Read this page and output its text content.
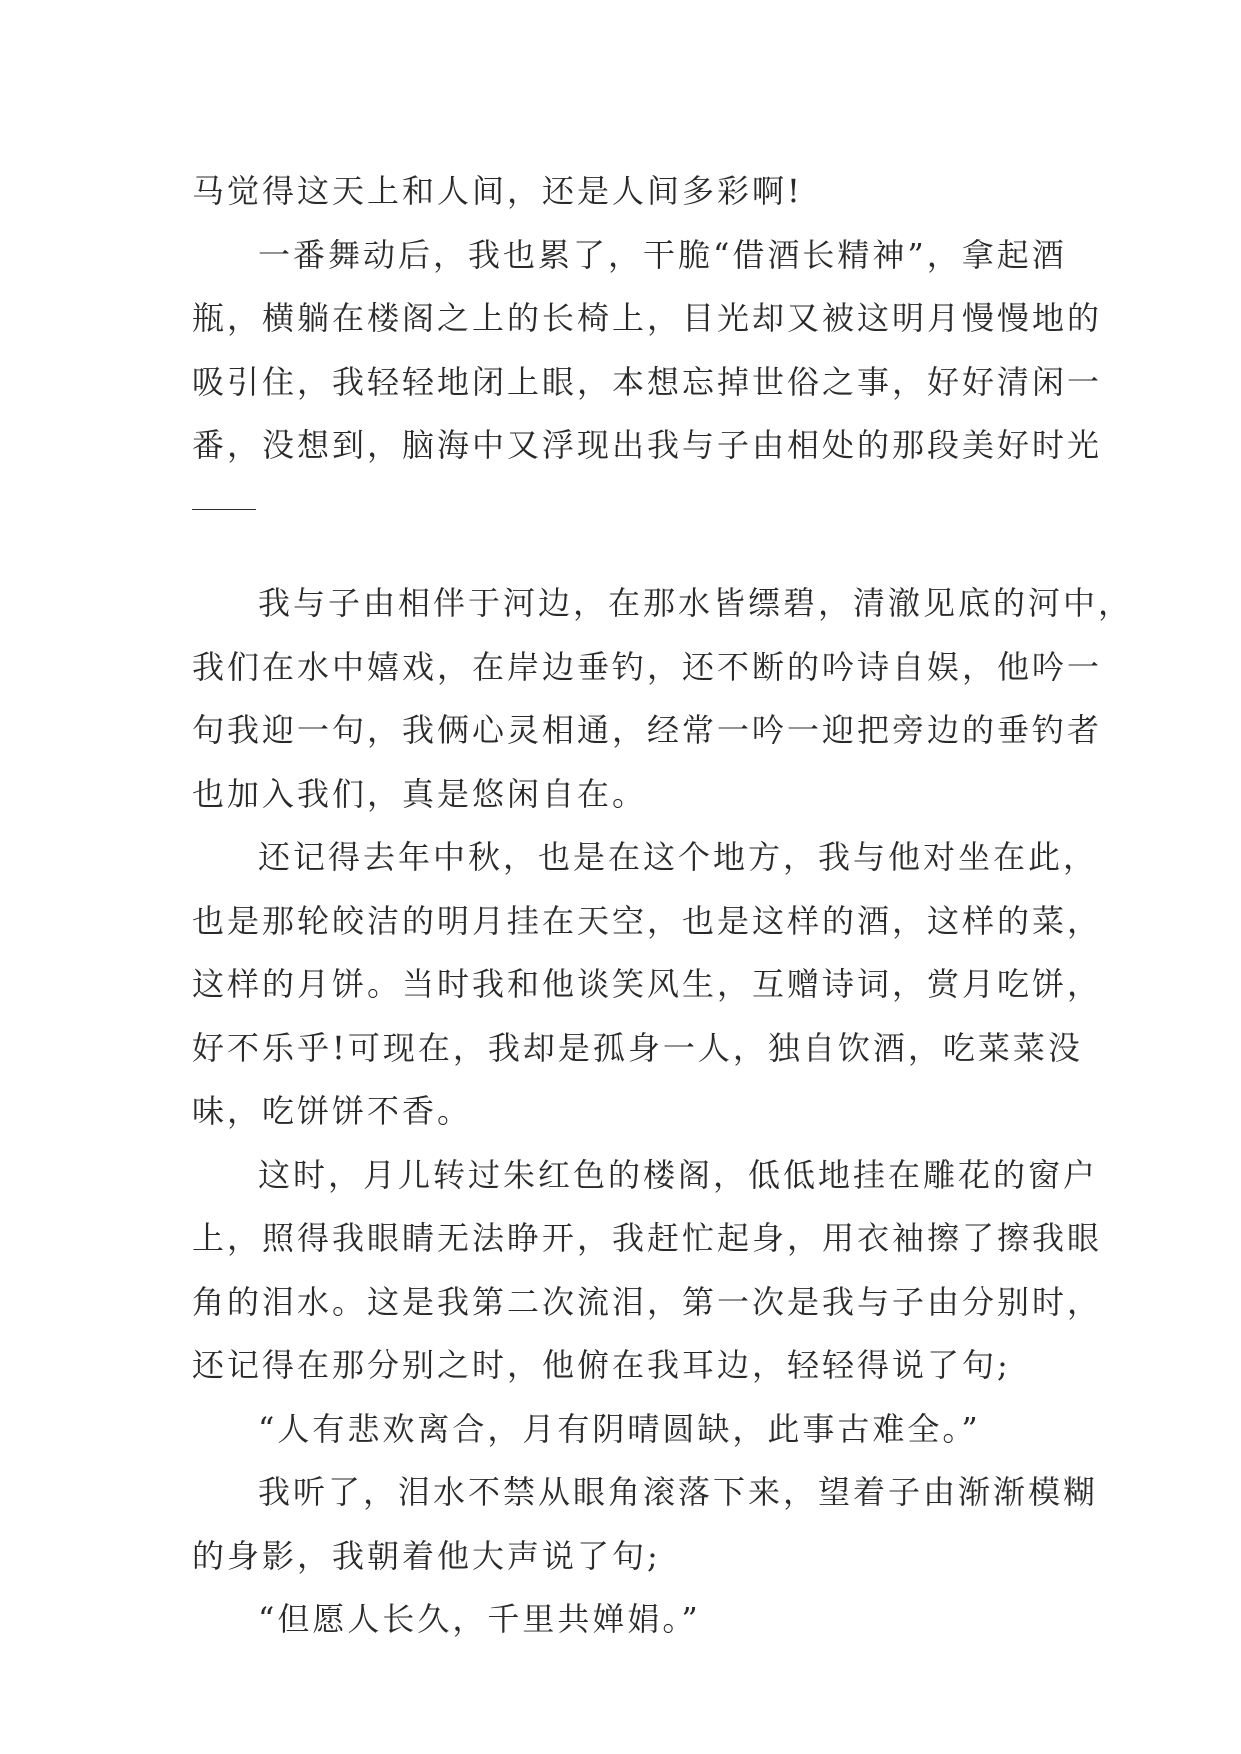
马觉得这天上和人间，还是人间多彩啊!
一番舞动后，我也累了，干脆“借酒长精神”，拿起酒
瓶，横躺在楼阁之上的长椅上，目光却又被这明月慢慢地的
吸引住，我轻轻地闭上眼，本想忘掉世俗之事，好好清闲一
番，没想到，脑海中又浮现出我与子由相处的那段美好时光
我与子由相伴于河边，在那水皆缥碧，清澈见底的河中，
我们在水中嬉戏，在岸边垂钓，还不断的吟诗自娱，他吟一
句我迎一句，我俩心灵相通，经常一吟一迎把旁边的垂钓者
也加入我们，真是悠闲自在。
还记得去年中秋，也是在这个地方，我与他对坐在此，
也是那轮皎洁的明月挂在天空，也是这样的酒，这样的菜，
这样的月饼。当时我和他谈笑风生，互赠诗词，赏月吃饼，
好不乐乎!可现在，我却是孤身一人，独自饮酒，吃菜菜没
味，吃饼饼不香。
这时，月儿转过朱红色的楼阁，低低地挂在雕花的窗户
上，照得我眼睛无法睁开，我赶忙起身，用衣袖擦了擦我眼
角的泪水。这是我第二次流泪，第一次是我与子由分别时，
还记得在那分别之时，他俯在我耳边，轻轻得说了句;
“人有悲欢离合，月有阴晴圆缺，此事古难全。”
我听了，泪水不禁从眼角滚落下来，望着子由渐渐模糊
的身影，我朝着他大声说了句;
“但愿人长久，千里共婵娟。”
